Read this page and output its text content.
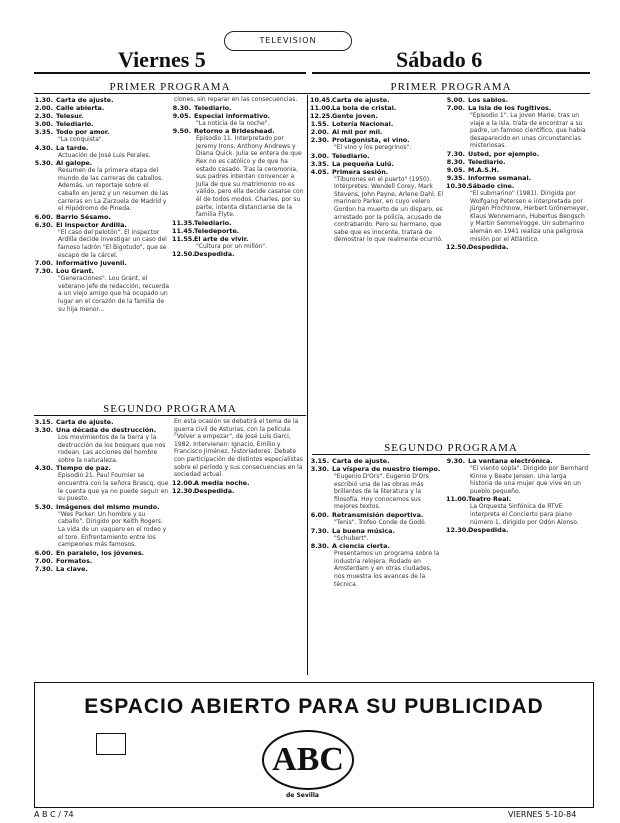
TELEVISION
Viernes 5	Sábado 6
PRIMER PROGRAMA	PRIMER PROGRAMA
1.30. Carta de ajuste.
2.00. Calle abierta.
2.30. Telesur.
3.00. Telediario.
3.35. Todo por amor.
"La conquista".
4.30. La tarde.
Actuación de José Luis Perales.
5.30. Al galope.
Resumen de la primera etapa del mundo de las carreras de caballos. Además, un reportaje sobre el caballo en Jerez y un resumen de las carreras en La Zarzuela de Madrid y el Hipódromo de Pineda.
6.00. Barrio Sésamo.
6.30. El inspector Ardilla.
"El caso del pelotón". El inspector Ardilla decide investigar un caso del famoso ladrón "El Bigotudo", que se escapó de la cárcel.
7.00. Informativo juvenil.
7.30. Lou Grant.
"Generaciones". Lou Grant, el veterano jefe de redacción, recuerda a un viejo amigo que ha ocupado un lugar en el corazón de la familia de su hija menor...
ciones, sin reparar en las consecuencias.
8.30. Telediario.
9.05. Especial informativo.
"La noticia de la noche".
9.50. Retorno a Brideshead.
Episodio 11. Interpretado por Jeremy Irons, Anthony Andrews y Diana Quick. Julia se entera de que Rex no es católico y de que ha estado casado. Tras la ceremonia, sus padres intentan convencer a Julia de que su matrimonio no es válido, pero ella decide casarse con él de todos modos. Charles, por su parte, intenta distanciarse de la familia Flyte.
11.35. Telediario.
11.45. Teledeporte.
11.55. El arte de vivir.
"Cultura por un millón".
12.50. Despedida.
10.45. Carta de ajuste.
11.00. La bola de cristal.
12.25. Gente joven.
1.55. Lotería Nacional.
2.00. Al mil por mil.
2.30. Protagonista, el vino.
"El vino y los peregrinos".
3.00. Telediario.
3.35. La pequeña Lulú.
4.05. Primera sesión.
"Tiburones en el puerto" (1950). Intérpretes: Wendell Corey, Mark Stevens, John Payne, Arlene Dahl. El marinero Parker, en cuyo velero Gordon ha muerto de un disparo, es arrestado por la policía, acusado de contrabando. Pero su hermano, que sabe que es inocente, tratará de demostrar lo que realmente ocurrió.
5.00. Los sabios.
7.00. La isla de los fugitivos.
"Episodio 1". La joven Marie, tras un viaje a la isla, trata de encontrar a su padre, un famoso científico, que había desaparecido en unas circunstancias misteriosas.
7.30. Usted, por ejemplo.
8.30. Telediario.
9.05. M.A.S.H.
9.35. Informe semanal.
10.30. Sábado cine.
"El submarino" (1981). Dirigida por Wolfgang Petersen e interpretada por Jürgen Prochnow, Herbert Grönemeyer, Klaus Wennemann, Hubertus Bengsch y Martin Semmelrogge. Un submarino alemán en 1941 realiza una peligrosa misión por el Atlántico.
12.50. Despedida.
SEGUNDO PROGRAMA
SEGUNDO PROGRAMA
3.15. Carta de ajuste.
3.30. Una década de destrucción.
Los movimientos de la tierra y la destrucción de los bosques que nos rodean. Las acciones del hombre sobre la naturaleza.
4.30. Tiempo de paz.
Episodio 21. Paul Fournier se encuentra con la señora Brascq, que le cuenta que ya no puede seguir en su puesto.
5.30. Imágenes del mismo mundo.
"Wes Parker: Un hombre y su caballo". Dirigido por Keith Rogers. La vida de un vaquero en el rodeo y el toro. Enfrentamiento entre los campeones más famosos.
6.00. En paralelo, los jóvenes.
7.00. Formatos.
7.30. La clave.
En esta ocasión se debatirá el tema de la guerra civil de Asturias, con la película "Volver a empezar", de José Luis Garci, 1982. Intervienen: Ignacio, Emilio y Francisco Jiménez, historiadores. Debate con participación de distintos especialistas sobre el período y sus consecuencias en la sociedad actual.
12.00. A media noche.
12.30. Despedida.
3.15. Carta de ajuste.
3.30. La víspera de nuestro tiempo.
"Eugenio D'Ors". Eugenio D'Ors escribió una de las obras más brillantes de la literatura y la filosofía. Hoy conocemos sus mejores textos.
6.00. Retransmisión deportiva.
"Tenis". Trofeo Conde de Godó.
7.30. La buena música.
"Schubert".
8.30. A ciencia cierta.
Presentamos un programa sobre la industria relojera. Rodado en Ámsterdam y en otras ciudades, nos muestra los avances de la técnica.
9.30. La ventana electrónica.
"El viento sopla". Dirigido por Bernhard Kinne y Beate Jensen. Una larga historia de una mujer que vive en un pueblo pequeño.
11.00. Teatro Real.
La Orquesta Sinfónica de RTVE interpreta el Concierto para piano número 1, dirigido por Odón Alonso.
12.30. Despedida.
ESPACIO ABIERTO PARA SU PUBLICIDAD
ABC
de Sevilla
A B C / 74	VIERNES 5-10-84
